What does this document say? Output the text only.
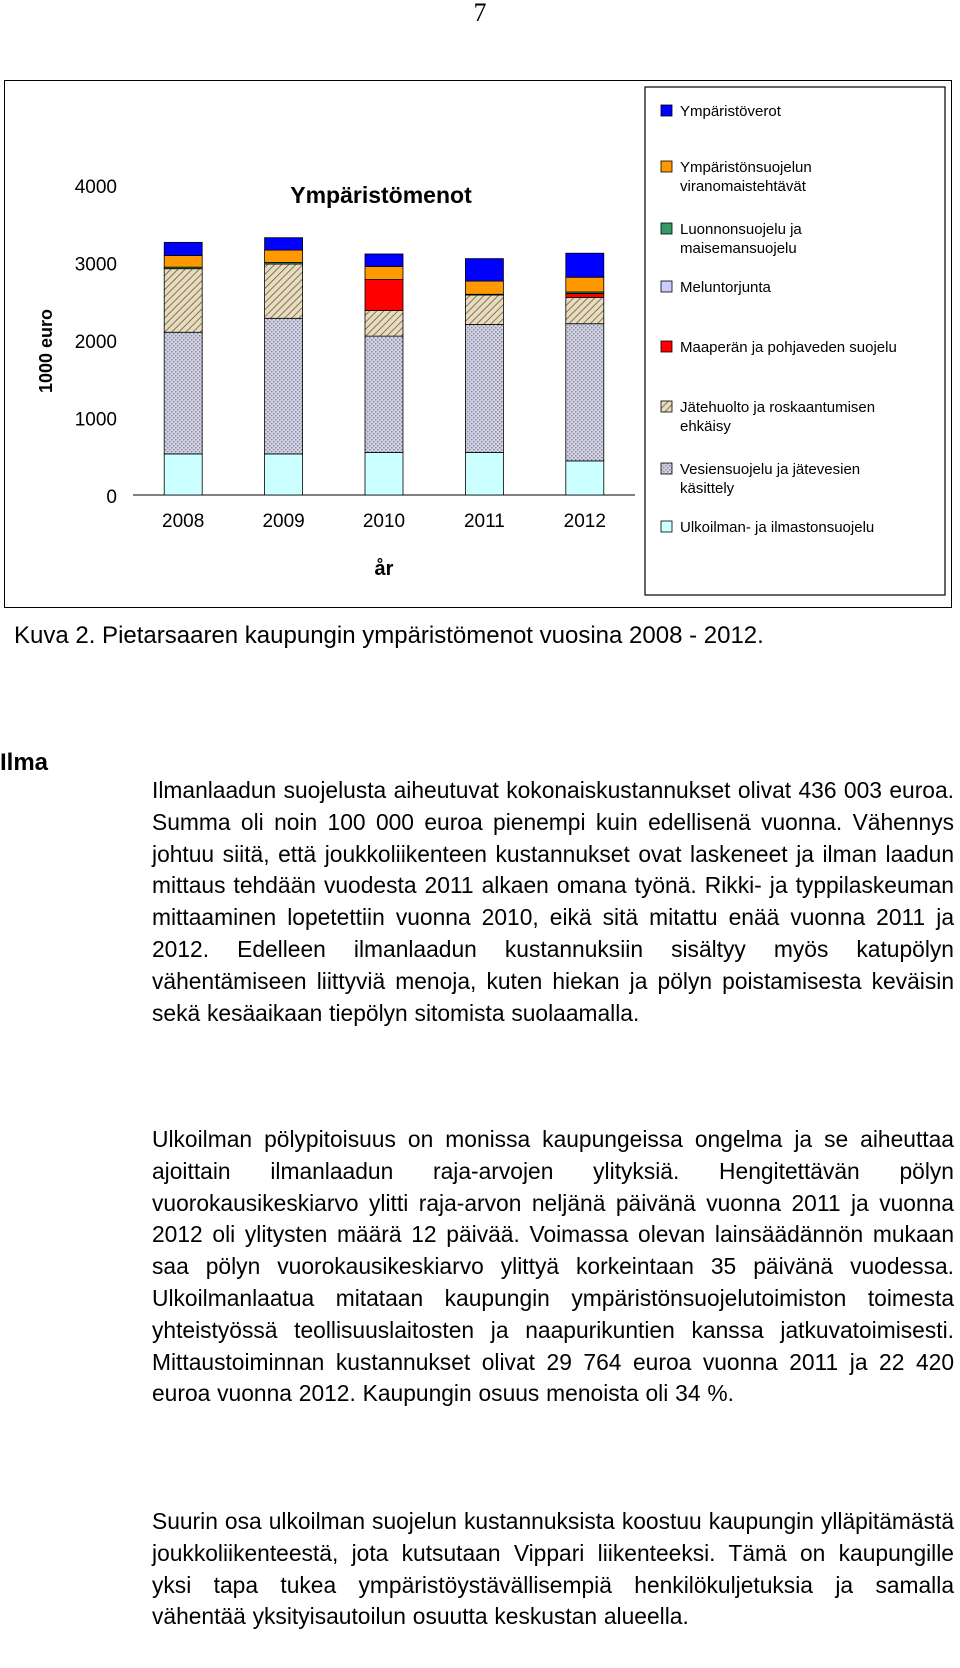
7
Ympäristömenot
0
1000
2000
3000
4000
1000 euro
2008	2009	2010	2011	2012
år
Ympäristöverot
Ympäristönsuojelun
viranomaistehtävät
Luonnonsuojelu ja
maisemansuojelu
Meluntorjunta
Maaperän ja pohjaveden suojelu
Jätehuolto ja roskaantumisen
ehkäisy
Vesiensuojelu ja jätevesien
käsittely
Ulkoilman- ja ilmastonsuojelu
Kuva 2. Pietarsaaren kaupungin ympäristömenot vuosina 2008 - 2012.
Ilma

Ilmanlaadun suojelusta aiheutuvat kokonaiskustannukset olivat 436 003 euroa. Summa oli noin 100 000 euroa pienempi kuin edellisenä vuonna. Vähennys johtuu siitä, että joukkoliikenteen kustannukset ovat laskeneet ja ilman laadun mittaus tehdään vuodesta 2011 alkaen omana työnä. Rikki- ja typpilaskeuman mittaaminen lopetettiin vuonna 2010, eikä sitä mitattu enää vuonna 2011 ja 2012. Edelleen ilmanlaadun kustannuksiin sisältyy myös katupölyn vähentämiseen liittyviä menoja, kuten hiekan ja pölyn poistamisesta keväisin sekä kesäaikaan tiepölyn sitomista suolaamalla.

Ulkoilman pölypitoisuus on monissa kaupungeissa ongelma ja se aiheuttaa ajoittain ilmanlaadun raja-arvojen ylityksiä. Hengitettävän pölyn vuorokausikeskiarvo ylitti raja-arvon neljänä päivänä vuonna 2011 ja vuonna 2012 oli ylitysten määrä 12 päivää. Voimassa olevan lainsäädännön mukaan saa pölyn vuorokausikeskiarvo ylittyä korkeintaan 35 päivänä vuodessa. Ulkoilmanlaatua mitataan kaupungin ympäristönsuojelutoimiston toimesta yhteistyössä teollisuuslaitosten ja naapurikuntien kanssa jatkuvatoimisesti. Mittaustoiminnan kustannukset olivat 29 764 euroa vuonna 2011 ja 22 420 euroa vuonna 2012. Kaupungin osuus menoista oli 34 %.

Suurin osa ulkoilman suojelun kustannuksista koostuu kaupungin ylläpitämästä joukkoliikenteestä, jota kutsutaan Vippari liikenteeksi. Tämä on kaupungille yksi tapa tukea ympäristöystävällisempiä henkilökuljetuksia ja samalla vähentää yksityisautoilun osuutta keskustan alueella.
